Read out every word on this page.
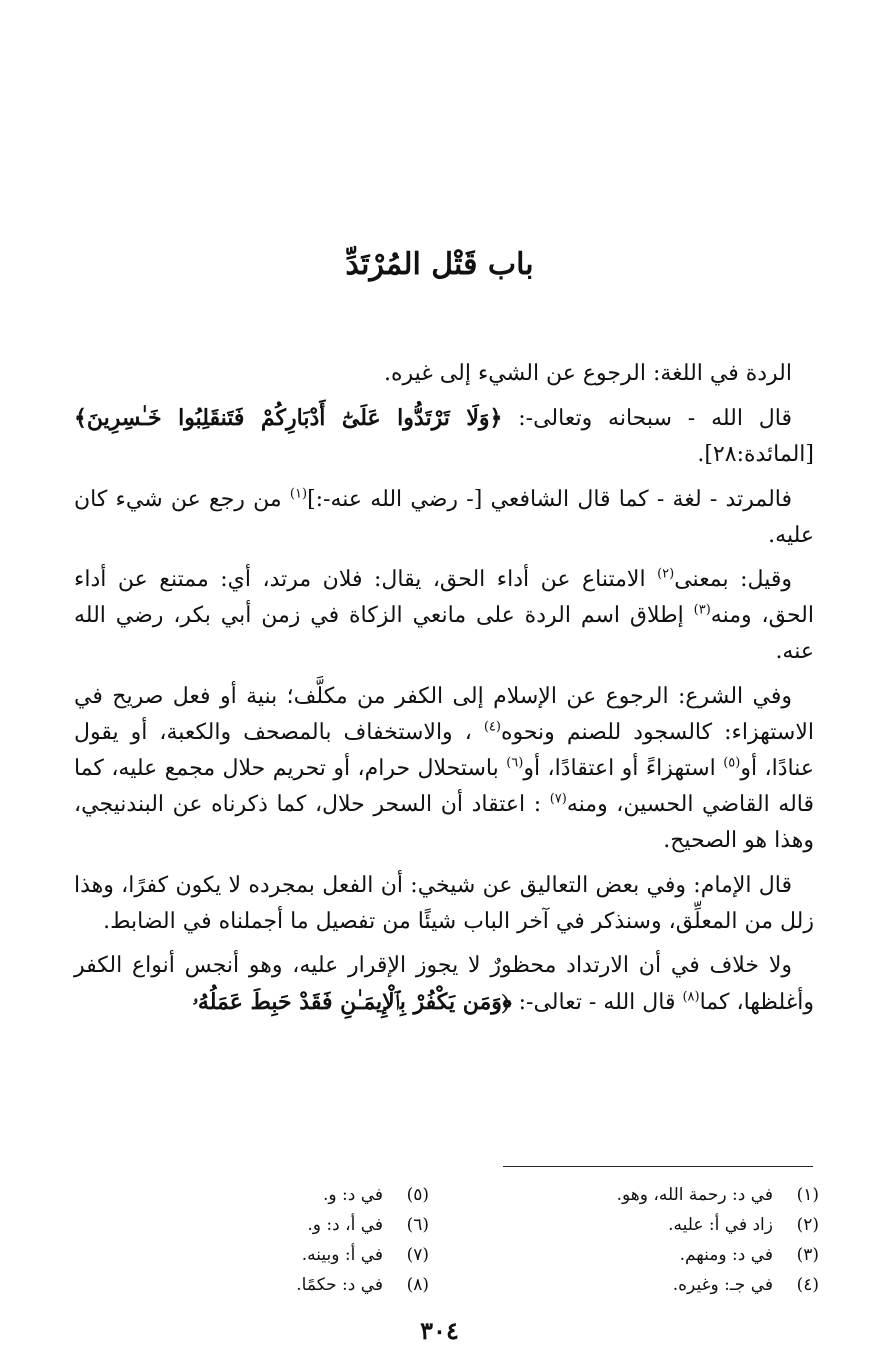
باب قَتْل المُرْتَدِّ

الردة في اللغة: الرجوع عن الشيء إلى غيره.

قال الله - سبحانه وتعالى-: ﴿وَلَا تَرْتَدُّوا عَلَىٰٓ أَدْبَارِكُمْ فَتَنقَلِبُوا خَـٰسِرِينَ﴾ [المائدة:٢٨].

فالمرتد - لغة - كما قال الشافعي [- رضي الله عنه-:]$^{(١)}$ من رجع عن شيء كان عليه.

وقيل: بمعنى$^{(٢)}$ الامتناع عن أداء الحق، يقال: فلان مرتد، أي: ممتنع عن أداء الحق، ومنه$^{(٣)}$ إطلاق اسم الردة على مانعي الزكاة في زمن أبي بكر، رضي الله عنه.

وفي الشرع: الرجوع عن الإسلام إلى الكفر من مكلَّف؛ بنية أو فعل صريح في الاستهزاء: كالسجود للصنم ونحوه$^{(٤)}$ ، والاستخفاف بالمصحف والكعبة، أو يقول عنادًا، أو$^{(٥)}$ استهزاءً أو اعتقادًا، أو$^{(٦)}$ باستحلال حرام، أو تحريم حلال مجمع عليه، كما قاله القاضي الحسين، ومنه$^{(٧)}$ : اعتقاد أن السحر حلال، كما ذكرناه عن البندنيجي، وهذا هو الصحيح.

قال الإمام: وفي بعض التعاليق عن شيخي: أن الفعل بمجرده لا يكون كفرًا، وهذا زلل من المعلِّق، وسنذكر في آخر الباب شيئًا من تفصيل ما أجملناه في الضابط.

ولا خلاف في أن الارتداد محظورٌ لا يجوز الإقرار عليه، وهو أنجس أنواع الكفر وأغلظها، كما$^{(٨)}$ قال الله - تعالى-: ﴿وَمَن يَكْفُرْ بِٱلْإِيمَـٰنِ فَقَدْ حَبِطَ عَمَلُهُۥ

(١)في د: رحمة الله، وهو.
(٢)زاد في أ: عليه.
(٣)في د: ومنهم.
(٤)في جـ: وغيره.
(٥)في د: و.
(٦)في أ، د: و.
(٧)في أ: وبينه.
(٨)في د: حكمًا.
٣٠٤
